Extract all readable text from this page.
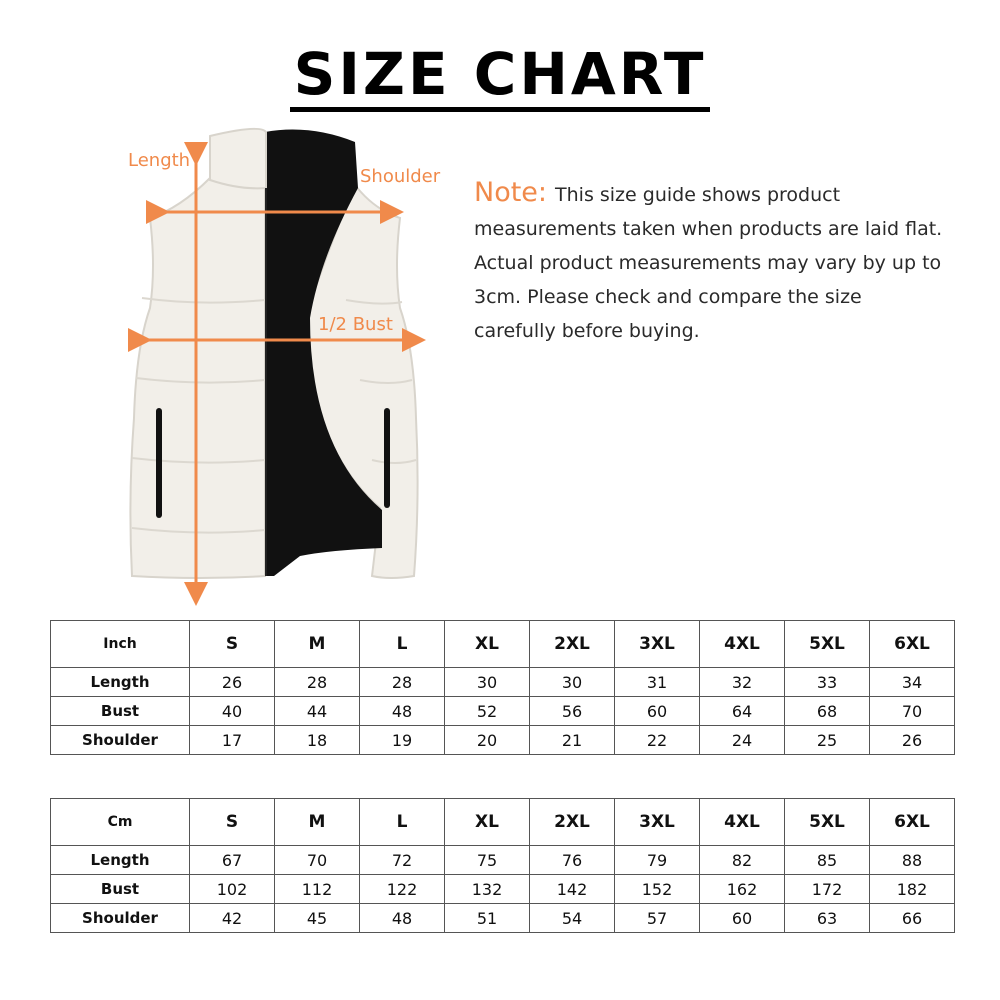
SIZE CHART
Length
Shoulder
1/2 Bust
Note: This size guide shows product measurements taken when products are laid flat. Actual product measurements may vary by up to 3cm. Please check and compare the size carefully before buying.
Inch	S	M	L	XL	2XL	3XL	4XL	5XL	6XL
Length	26	28	28	30	30	31	32	33	34
Bust	40	44	48	52	56	60	64	68	70
Shoulder	17	18	19	20	21	22	24	25	26
Cm	S	M	L	XL	2XL	3XL	4XL	5XL	6XL
Length	67	70	72	75	76	79	82	85	88
Bust	102	112	122	132	142	152	162	172	182
Shoulder	42	45	48	51	54	57	60	63	66
